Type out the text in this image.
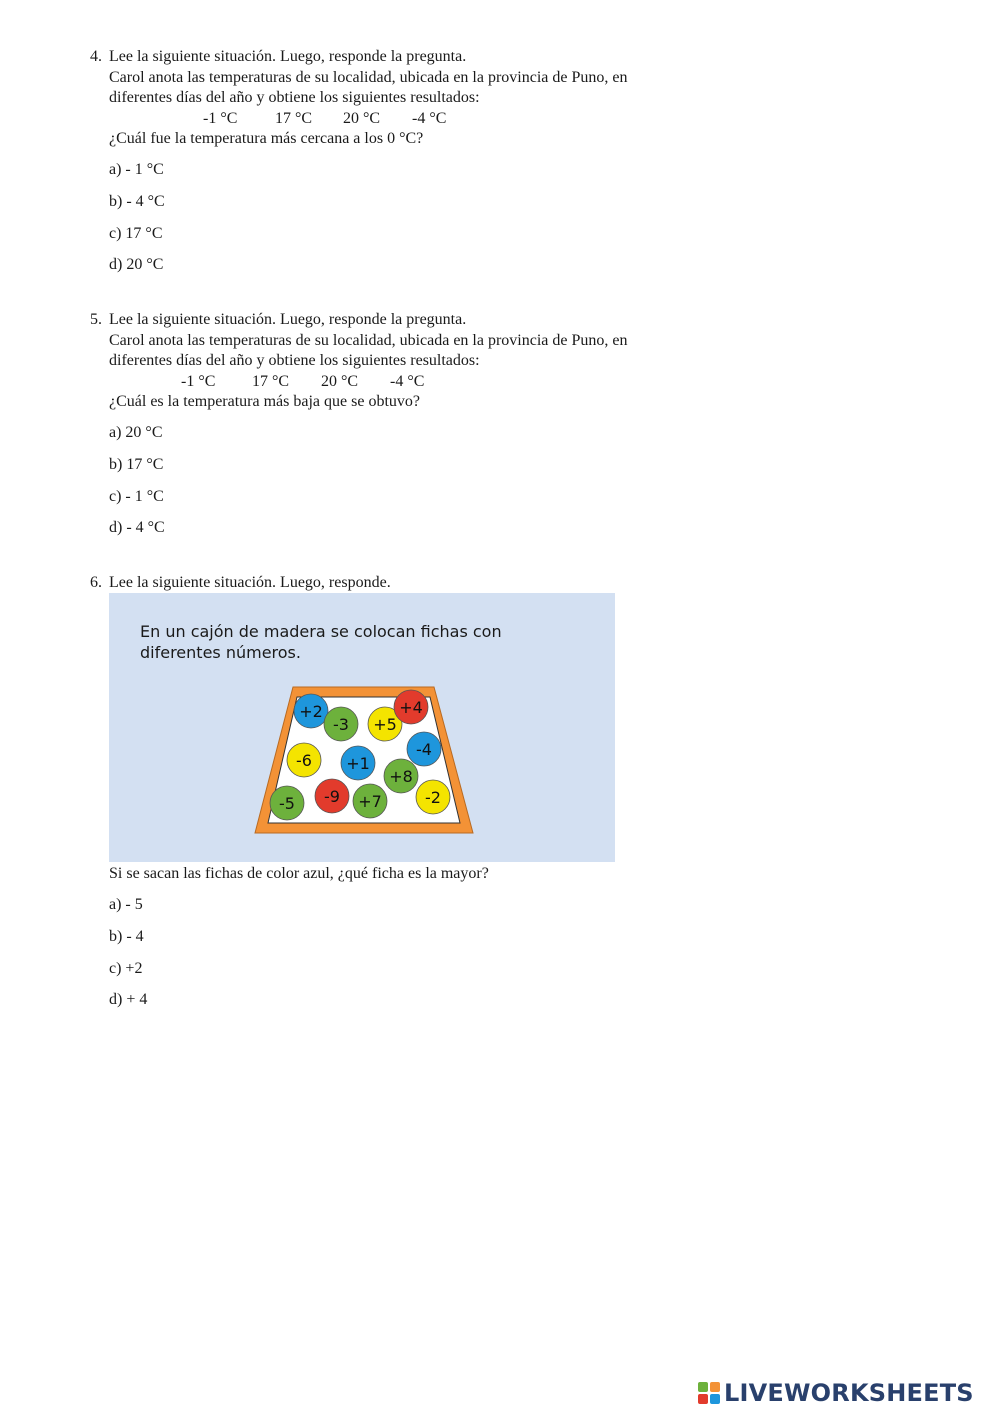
4. Lee la siguiente situación. Luego, responde la pregunta.
Carol anota las temperaturas de su localidad, ubicada en la provincia de Puno, en
diferentes días del año y obtiene los siguientes resultados:
-1 °C	17 °C	20 °C	-4 °C
¿Cuál fue la temperatura más cercana a los 0 °C?
a) - 1 °C
b) - 4 °C
c) 17 °C
d) 20 °C
5. Lee la siguiente situación. Luego, responde la pregunta.
Carol anota las temperaturas de su localidad, ubicada en la provincia de Puno, en
diferentes días del año y obtiene los siguientes resultados:
-1 °C	17 °C	20 °C	-4 °C
¿Cuál es la temperatura más baja que se obtuvo?
a) 20 °C
b) 17 °C
c) - 1 °C
d) - 4 °C
6. Lee la siguiente situación. Luego, responde.
En un cajón de madera se colocan fichas con diferentes números.
+2
-3 +5
+4
-6 +1
-4
+8
-5 -9 +7	-2
Si se sacan las fichas de color azul, ¿qué ficha es la mayor?
a) - 5
b) - 4
c) +2
d) + 4
LIVEWORKSHEETS
